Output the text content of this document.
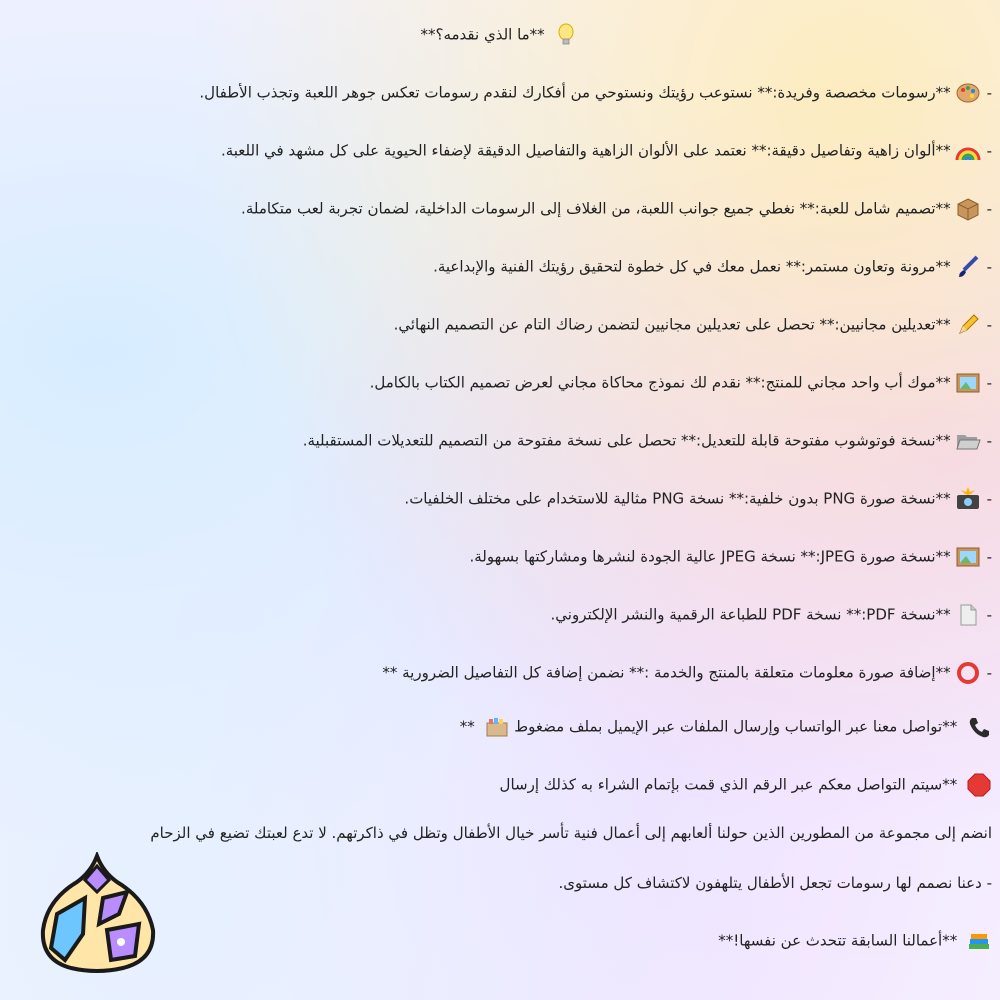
**ما الذي نقدمه؟**
-
**رسومات مخصصة وفريدة:** نستوعب رؤيتك ونستوحي من أفكارك لنقدم رسومات تعكس جوهر اللعبة وتجذب الأطفال.
-
**ألوان زاهية وتفاصيل دقيقة:** نعتمد على الألوان الزاهية والتفاصيل الدقيقة لإضفاء الحيوية على كل مشهد في اللعبة.
-
**تصميم شامل للعبة:** نغطي جميع جوانب اللعبة، من الغلاف إلى الرسومات الداخلية، لضمان تجربة لعب متكاملة.
-
**مرونة وتعاون مستمر:** نعمل معك في كل خطوة لتحقيق رؤيتك الفنية والإبداعية.
-
**تعديلين مجانيين:** تحصل على تعديلين مجانيين لتضمن رضاك التام عن التصميم النهائي.
-
**موك أب واحد مجاني للمنتج:** نقدم لك نموذج محاكاة مجاني لعرض تصميم الكتاب بالكامل.
-
**نسخة فوتوشوب مفتوحة قابلة للتعديل:** تحصل على نسخة مفتوحة من التصميم للتعديلات المستقبلية.
-
**نسخة صورة PNG بدون خلفية:** نسخة PNG مثالية للاستخدام على مختلف الخلفيات.
-
**نسخة صورة JPEG:** نسخة JPEG عالية الجودة لنشرها ومشاركتها بسهولة.
-
**نسخة PDF:** نسخة PDF للطباعة الرقمية والنشر الإلكتروني.
-
**إضافة صورة معلومات متعلقة بالمنتج والخدمة :** نضمن إضافة كل التفاصيل الضرورية **
**تواصل معنا عبر الواتساب وإرسال الملفات عبر الإيميل بملف مضغوط
**
**سيتم التواصل معكم عبر الرقم الذي قمت بإتمام الشراء به كذلك إرسال
انضم إلى مجموعة من المطورين الذين حولنا ألعابهم إلى أعمال فنية تأسر خيال الأطفال وتظل في ذاكرتهم. لا تدع لعبتك تضيع في الزحام
- دعنا نصمم لها رسومات تجعل الأطفال يتلهفون لاكتشاف كل مستوى.
**أعمالنا السابقة تتحدث عن نفسها!**
